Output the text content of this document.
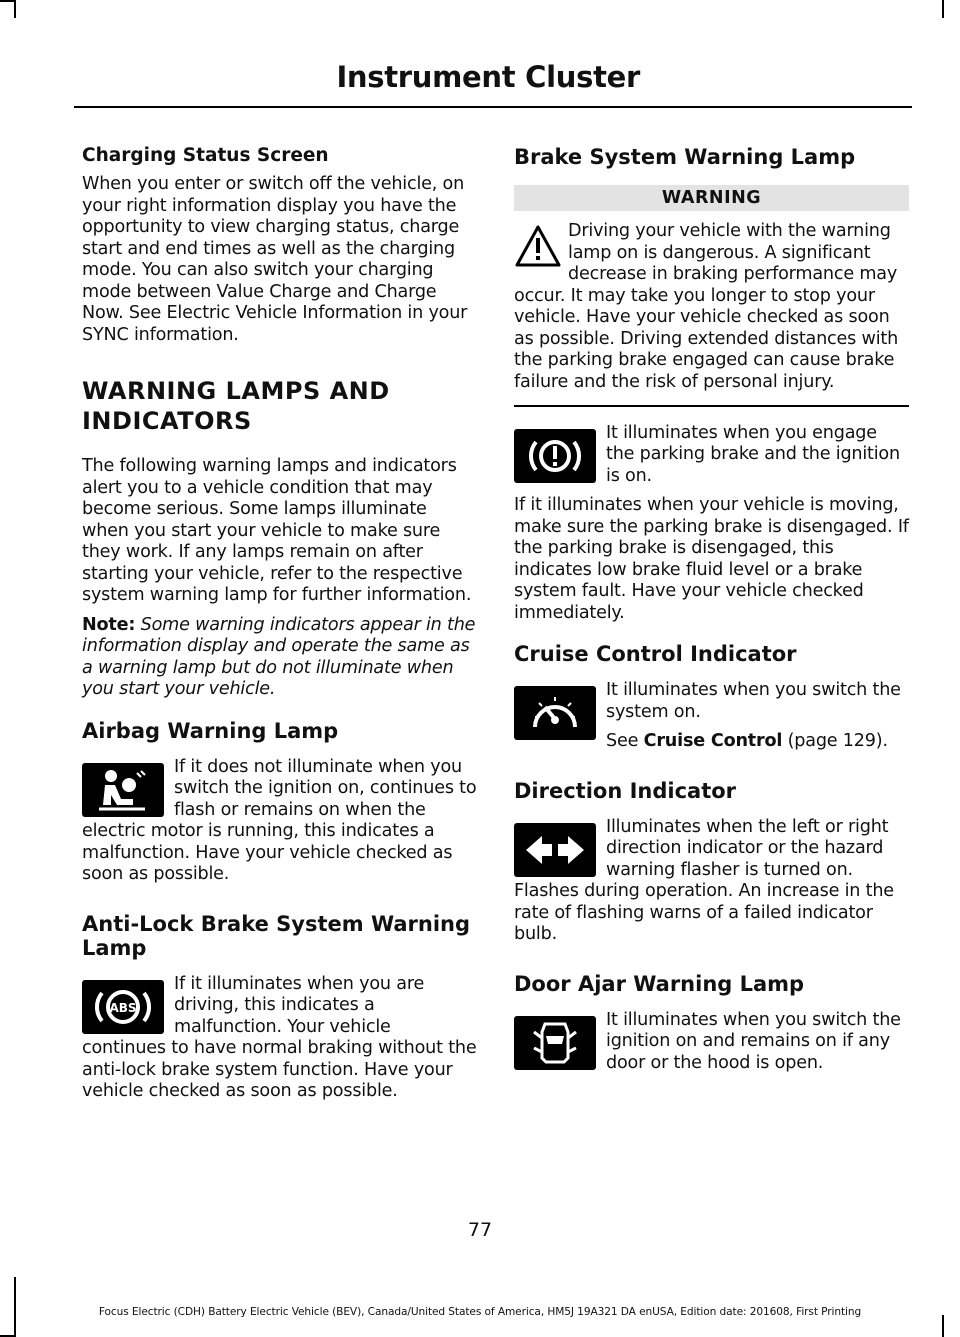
Instrument Cluster
Charging Status Screen

When you enter or switch off the vehicle, on your right information display you have the opportunity to view charging status, charge start and end times as well as the charging mode. You can also switch your charging mode between Value Charge and Charge Now. See Electric Vehicle Information in your SYNC information.

WARNING LAMPS AND
INDICATORS

The following warning lamps and indicators alert you to a vehicle condition that may become serious. Some lamps illuminate when you start your vehicle to make sure they work. If any lamps remain on after starting your vehicle, refer to the respective system warning lamp for further information.

Note: Some warning indicators appear in the information display and operate the same as a warning lamp but do not illuminate when you start your vehicle.

Airbag Warning Lamp

If it does not illuminate when you switch the ignition on, continues to flash or remains on when the electric motor is running, this indicates a malfunction. Have your vehicle checked as soon as possible.

Anti-Lock Brake System Warning Lamp
ABS

If it illuminates when you are driving, this indicates a malfunction. Your vehicle continues to have normal braking without the anti-lock brake system function. Have your vehicle checked as soon as possible.

Brake System Warning Lamp
WARNING

Driving your vehicle with the warning lamp on is dangerous. A significant decrease in braking performance may occur. It may take you longer to stop your vehicle. Have your vehicle checked as soon as possible. Driving extended distances with the parking brake engaged can cause brake failure and the risk of personal injury.

It illuminates when you engage the parking brake and the ignition is on.

If it illuminates when your vehicle is moving, make sure the parking brake is disengaged. If the parking brake is disengaged, this indicates low brake fluid level or a brake system fault. Have your vehicle checked immediately.

Cruise Control Indicator

It illuminates when you switch the system on.

See Cruise Control (page 129).

Direction Indicator

Illuminates when the left or right direction indicator or the hazard warning flasher is turned on. Flashes during operation. An increase in the rate of flashing warns of a failed indicator bulb.

Door Ajar Warning Lamp

It illuminates when you switch the ignition on and remains on if any door or the hood is open.

77
Focus Electric (CDH) Battery Electric Vehicle (BEV), Canada/United States of America, HM5J 19A321 DA enUSA, Edition date: 201608, First Printing
